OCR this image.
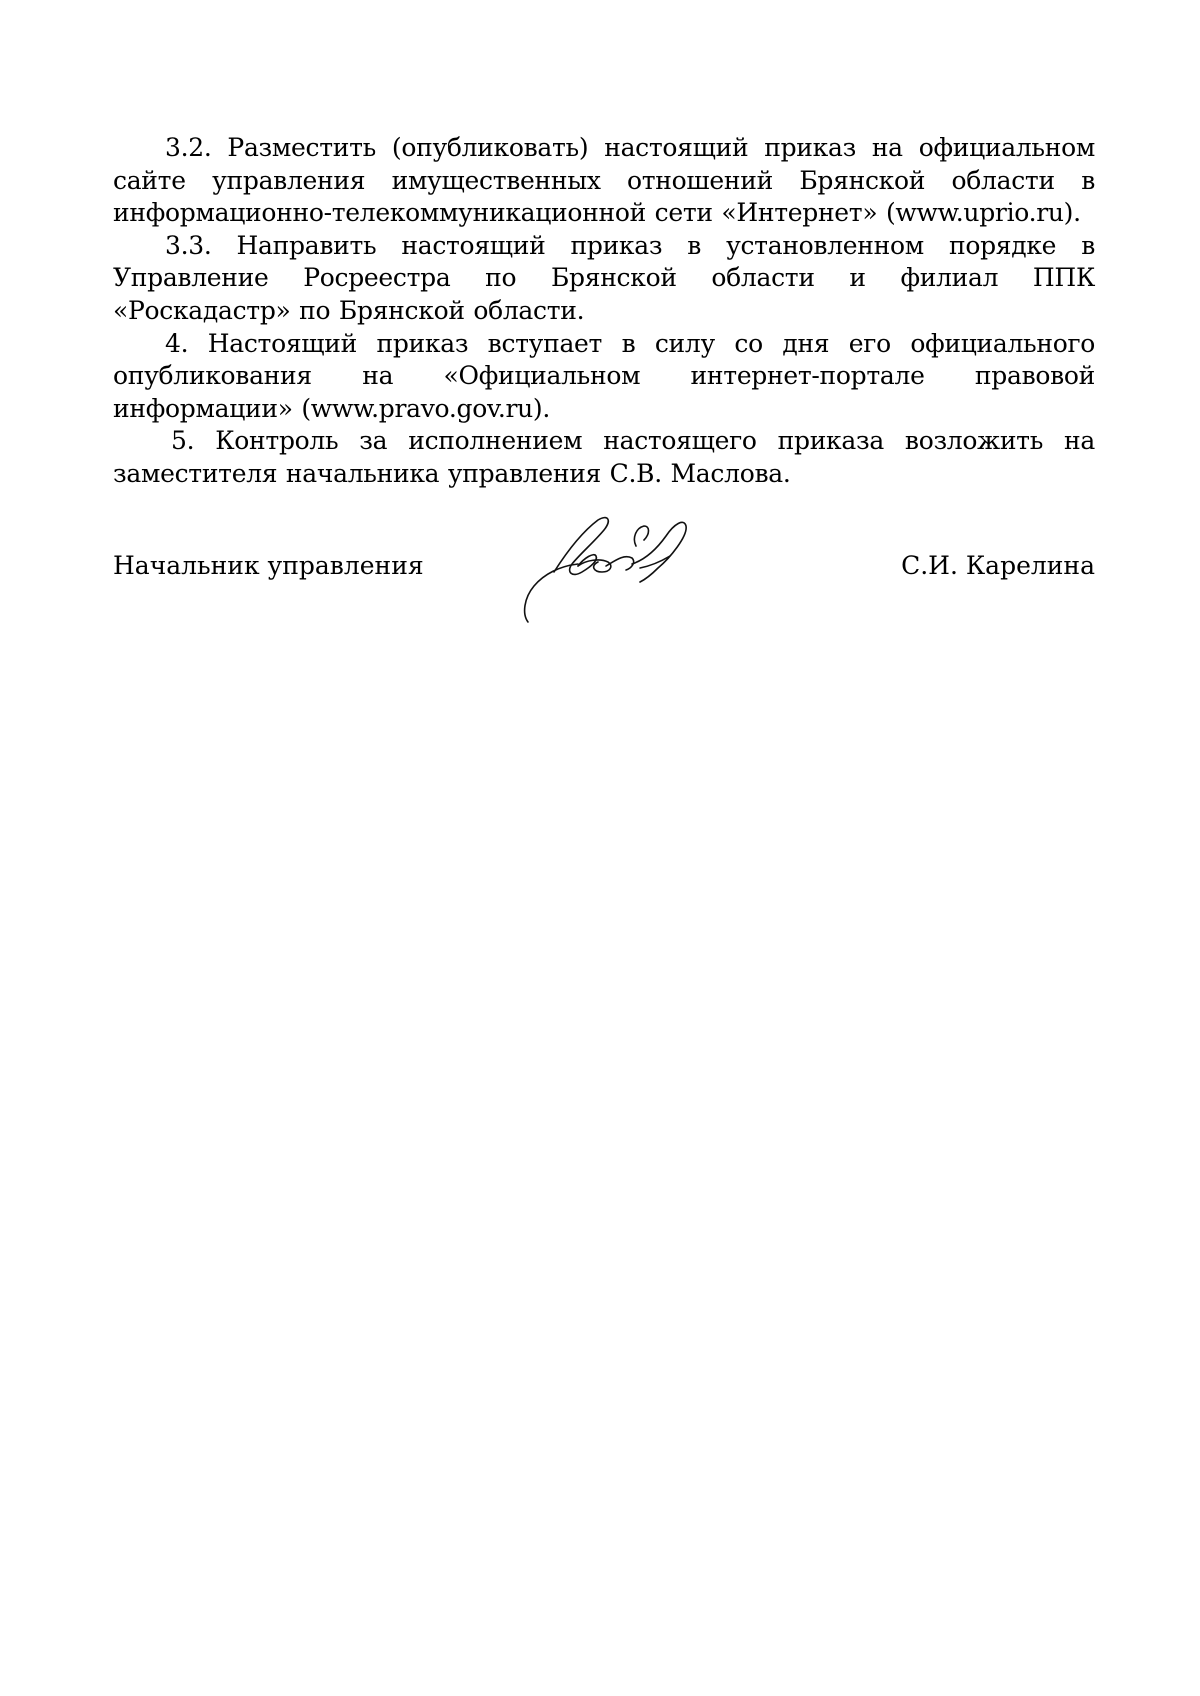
3.2. Разместить (опубликовать) настоящий приказ на официальном сайте управления имущественных отношений Брянской области в информационно-телекоммуникационной сети «Интернет» (www.uprio.ru).

3.3. Направить настоящий приказ в установленном порядке в Управление Росреестра по Брянской области и филиал ППК «Роскадастр» по Брянской области.

4. Настоящий приказ вступает в силу со дня его официального опубликования на «Официальном интернет-портале правовой информации» (www.pravo.gov.ru).

5. Контроль за исполнением настоящего приказа возложить на заместителя начальника управления С.В. Маслова.

Начальник управления	С.И. Карелина
